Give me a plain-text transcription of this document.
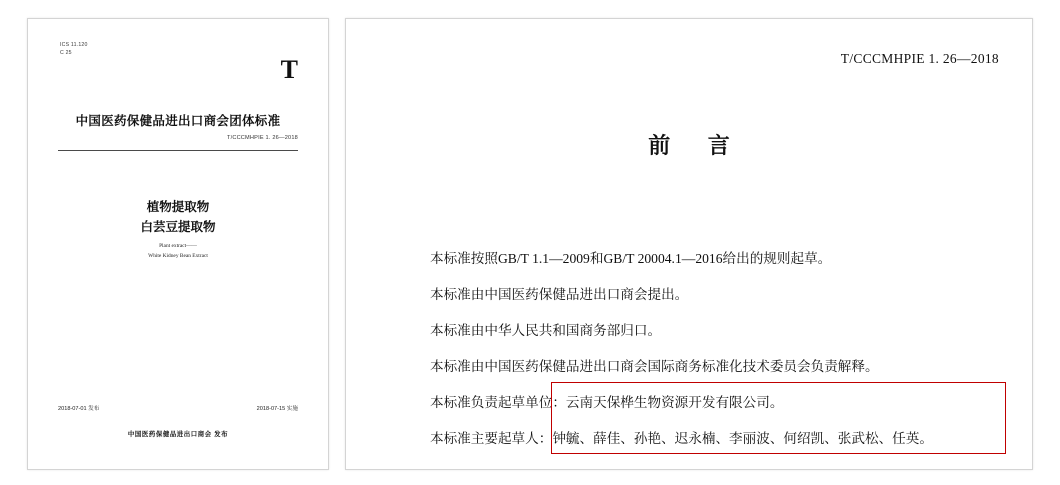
ICS 11.120
C 25
T
中国医药保健品进出口商会团体标准
T/CCCMHPIE 1. 26—2018
植物提取物
白芸豆提取物
Plant extract——
White Kidney Bean Extract
2018-07-01 发布	2018-07-15 实施
中国医药保健品进出口商会 发布
T/CCCMHPIE 1. 26—2018
前 言
本标准按照GB/T 1.1—2009和GB/T 20004.1—2016给出的规则起草。
本标准由中国医药保健品进出口商会提出。
本标准由中华人民共和国商务部归口。
本标准由中国医药保健品进出口商会国际商务标准化技术委员会负责解释。
本标准负责起草单位：云南天保桦生物资源开发有限公司。
本标准主要起草人：钟毓、薛佳、孙艳、迟永楠、李丽波、何绍凯、张武松、任英。
